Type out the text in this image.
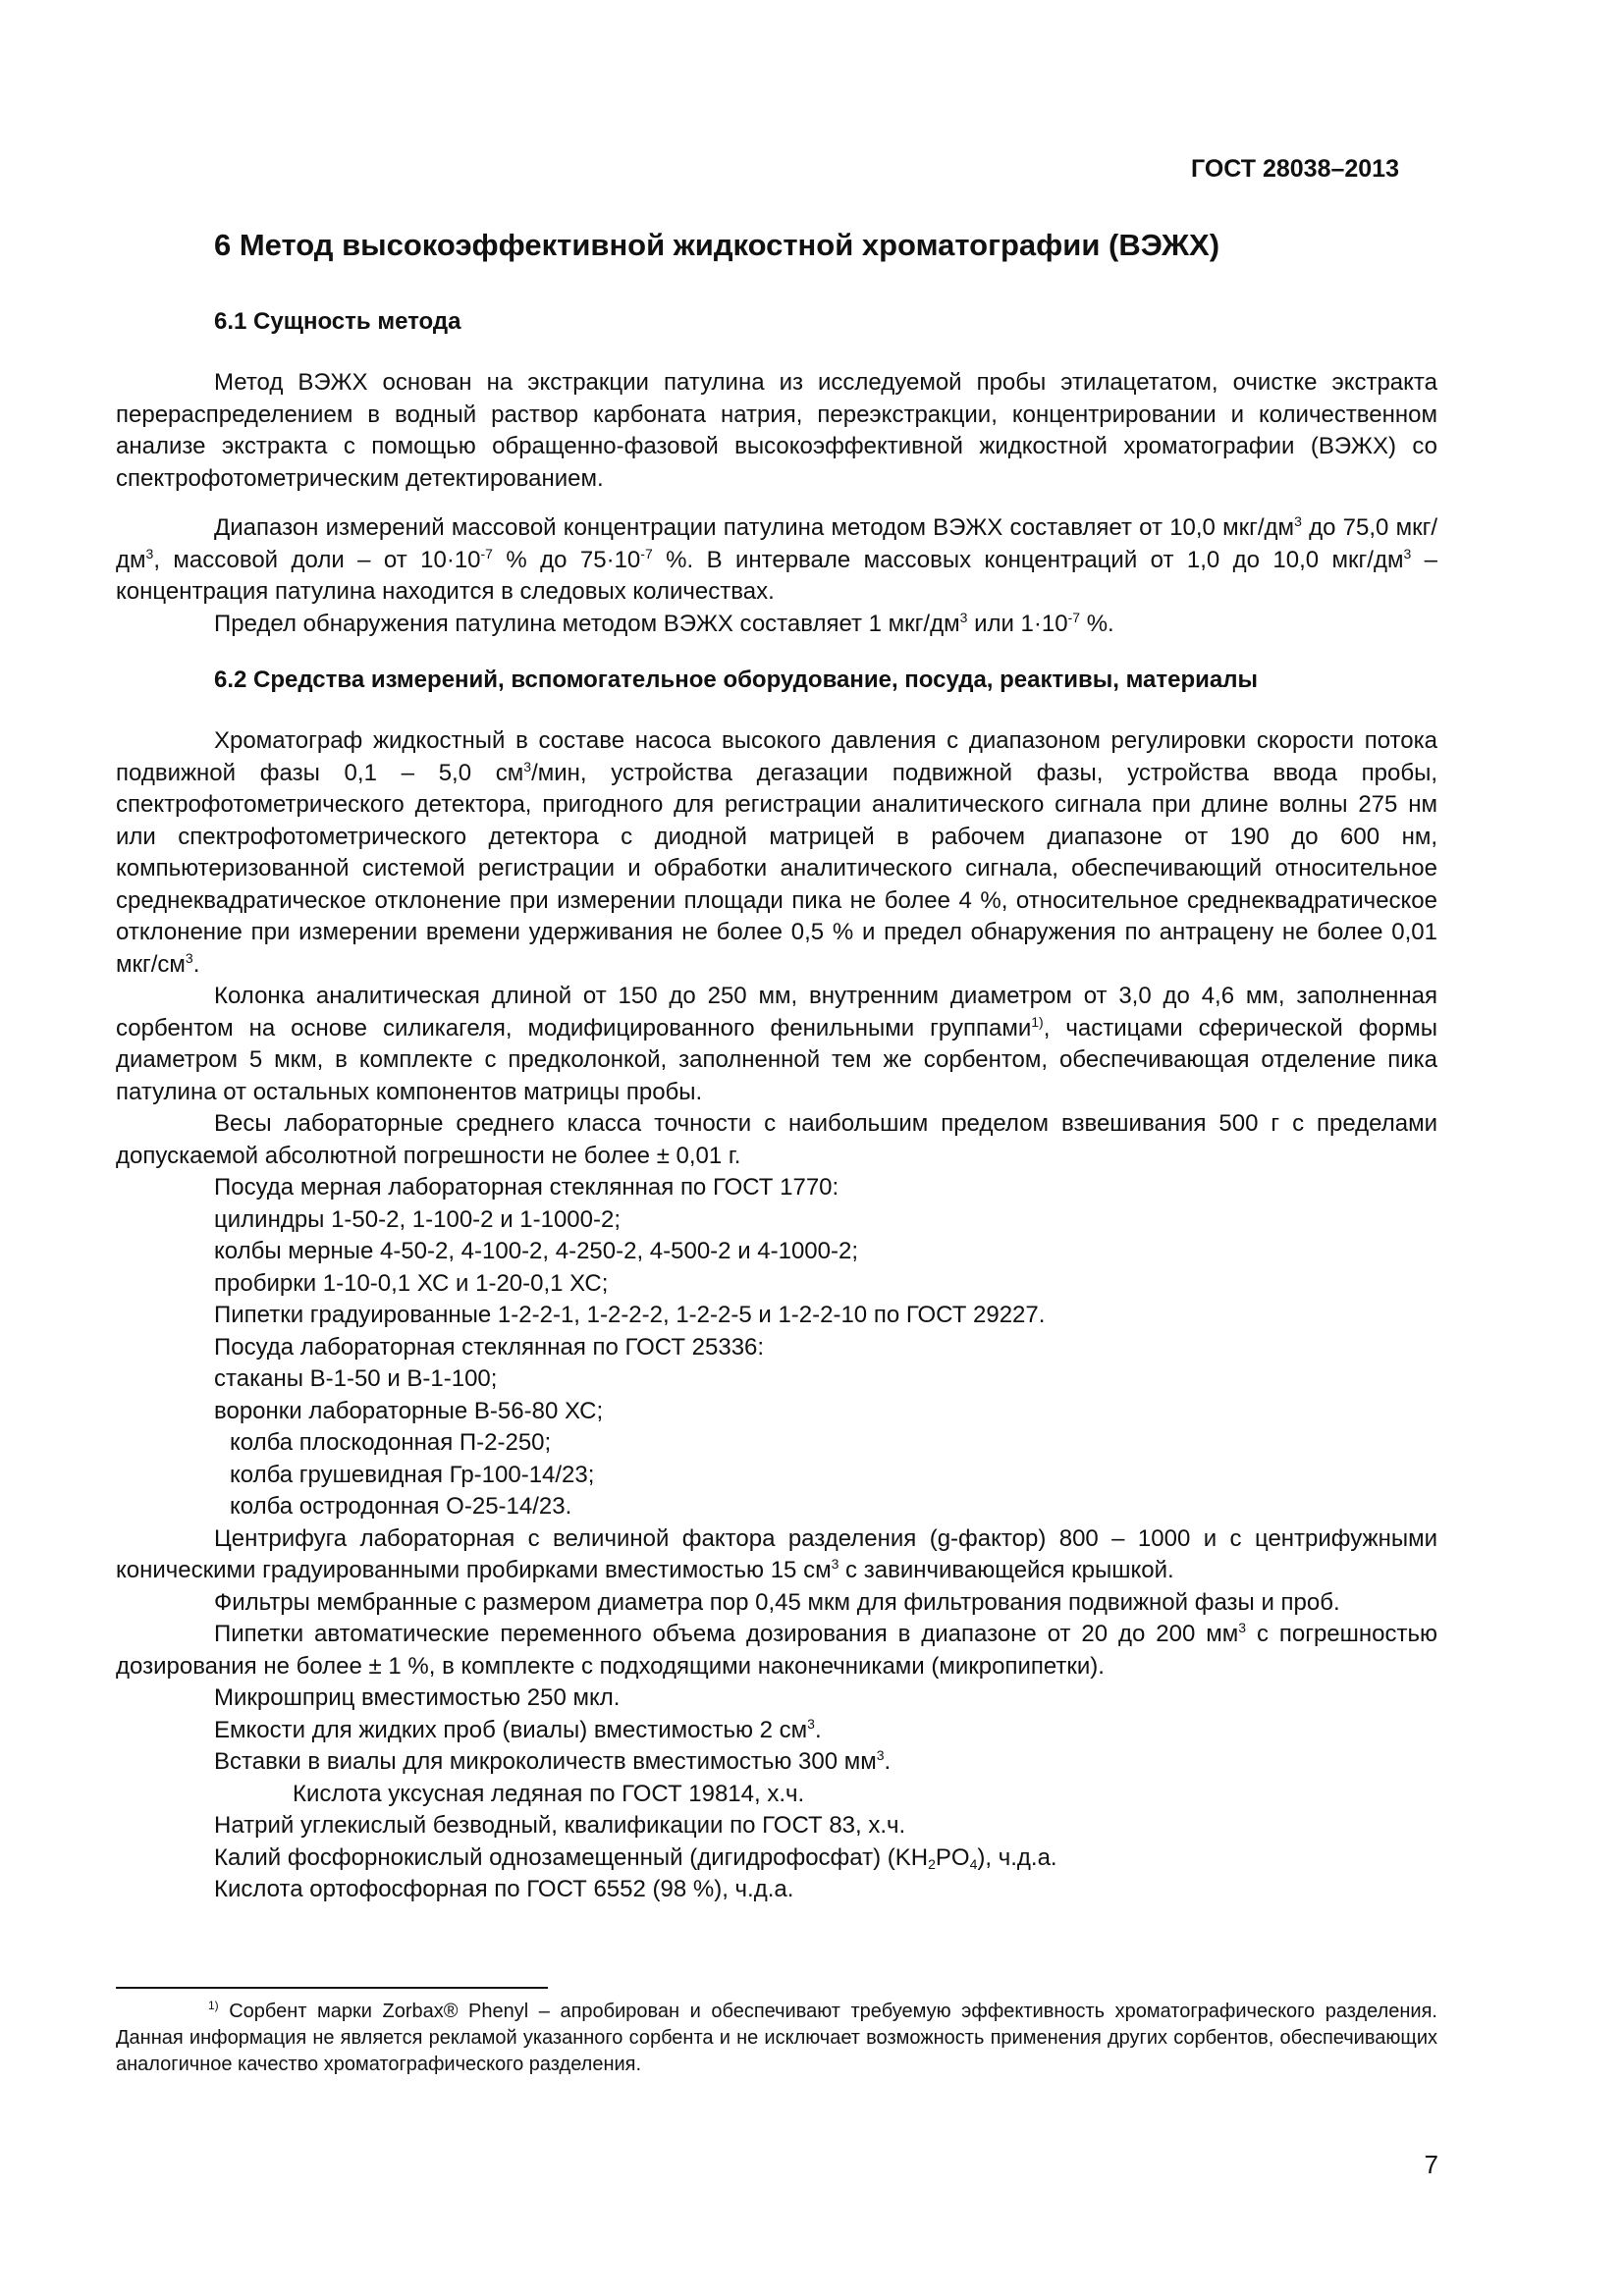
ГОСТ 28038–2013
6 Метод высокоэффективной жидкостной хроматографии (ВЭЖХ)
6.1 Сущность метода

Метод ВЭЖХ основан на экстракции патулина из исследуемой пробы этилацетатом, очистке экстракта перераспределением в водный раствор карбоната натрия, переэкстракции, концентрировании и количественном анализе экстракта с помощью обращенно-фазовой высокоэффективной жидкостной хроматографии (ВЭЖХ) со спектрофотометрическим детектированием.

Диапазон измерений массовой концентрации патулина методом ВЭЖХ составляет от 10,0 мкг/$дм^3$ до 75,0 мкг/$дм^3$, массовой доли – от $10\cdot 10^{-7}$ % до $75\cdot 10^{-7}$ %. В интервале массовых концентраций от 1,0 до 10,0 мкг/$дм^3$ – концентрация патулина находится в следовых количествах.

Предел обнаружения патулина методом ВЭЖХ составляет 1 мкг/$дм^3$ или $1\cdot 10^{-7}$ %.

6.2 Средства измерений, вспомогательное оборудование, посуда, реактивы, материалы

Хроматограф жидкостный в составе насоса высокого давления с диапазоном регулировки скорости потока подвижной фазы 0,1 – 5,0 $см^3$/мин, устройства дегазации подвижной фазы, устройства ввода пробы, спектрофотометрического детектора, пригодного для регистрации аналитического сигнала при длине волны 275 нм или спектрофотометрического детектора с диодной матрицей в рабочем диапазоне от 190 до 600 нм, компьютеризованной системой регистрации и обработки аналитического сигнала, обеспечивающий относительное среднеквадратическое отклонение при измерении площади пика не более 4 %, относительное среднеквадратическое отклонение при измерении времени удерживания не более 0,5 % и предел обнаружения по антрацену не более 0,01 мкг/$см^3$.

Колонка аналитическая длиной от 150 до 250 мм, внутренним диаметром от 3,0 до 4,6 мм, заполненная сорбентом на основе силикагеля, модифицированного фенильными группами$^{1)}$, частицами сферической формы диаметром 5 мкм, в комплекте с предколонкой, заполненной тем же сорбентом, обеспечивающая отделение пика патулина от остальных компонентов матрицы пробы.

Весы лабораторные среднего класса точности с наибольшим пределом взвешивания 500 г с пределами допускаемой абсолютной погрешности не более ± 0,01 г.

Посуда мерная лабораторная стеклянная по ГОСТ 1770:
цилиндры 1-50-2, 1-100-2 и 1-1000-2;
колбы мерные 4-50-2, 4-100-2, 4-250-2, 4-500-2 и 4-1000-2;
пробирки 1-10-0,1 ХС и 1-20-0,1 ХС;
Пипетки градуированные 1-2-2-1, 1-2-2-2, 1-2-2-5 и 1-2-2-10 по ГОСТ 29227.
Посуда лабораторная стеклянная по ГОСТ 25336:
стаканы В-1-50 и В-1-100;
воронки лабораторные В-56-80 ХС;
колба плоскодонная П-2-250;
колба грушевидная Гр-100-14/23;
колба остродонная О-25-14/23.

Центрифуга лабораторная с величиной фактора разделения (g-фактор) 800 – 1000 и с центрифужными коническими градуированными пробирками вместимостью 15 $см^3$ с завинчивающейся крышкой.

Фильтры мембранные с размером диаметра пор 0,45 мкм для фильтрования подвижной фазы и проб.

Пипетки автоматические переменного объема дозирования в диапазоне от 20 до 200 $мм^3$ с погрешностью дозирования не более ± 1 %, в комплекте с подходящими наконечниками (микропипетки).

Микрошприц вместимостью 250 мкл.
Емкости для жидких проб (виалы) вместимостью 2 $см^3$.
Вставки в виалы для микроколичеств вместимостью 300 $мм^3$.
Кислота уксусная ледяная по ГОСТ 19814, х.ч.
Натрий углекислый безводный, квалификации по ГОСТ 83, х.ч.
Калий фосфорнокислый однозамещенный (дигидрофосфат) $(KH_2PO_4)$, ч.д.а.
Кислота ортофосфорная по ГОСТ 6552 (98 %), ч.д.а.
$^{1)}$ Сорбент марки Zorbax® Phenyl – апробирован и обеспечивают требуемую эффективность хроматографического разделения. Данная информация не является рекламой указанного сорбента и не исключает возможность применения других сорбентов, обеспечивающих аналогичное качество хроматографического разделения.
7
